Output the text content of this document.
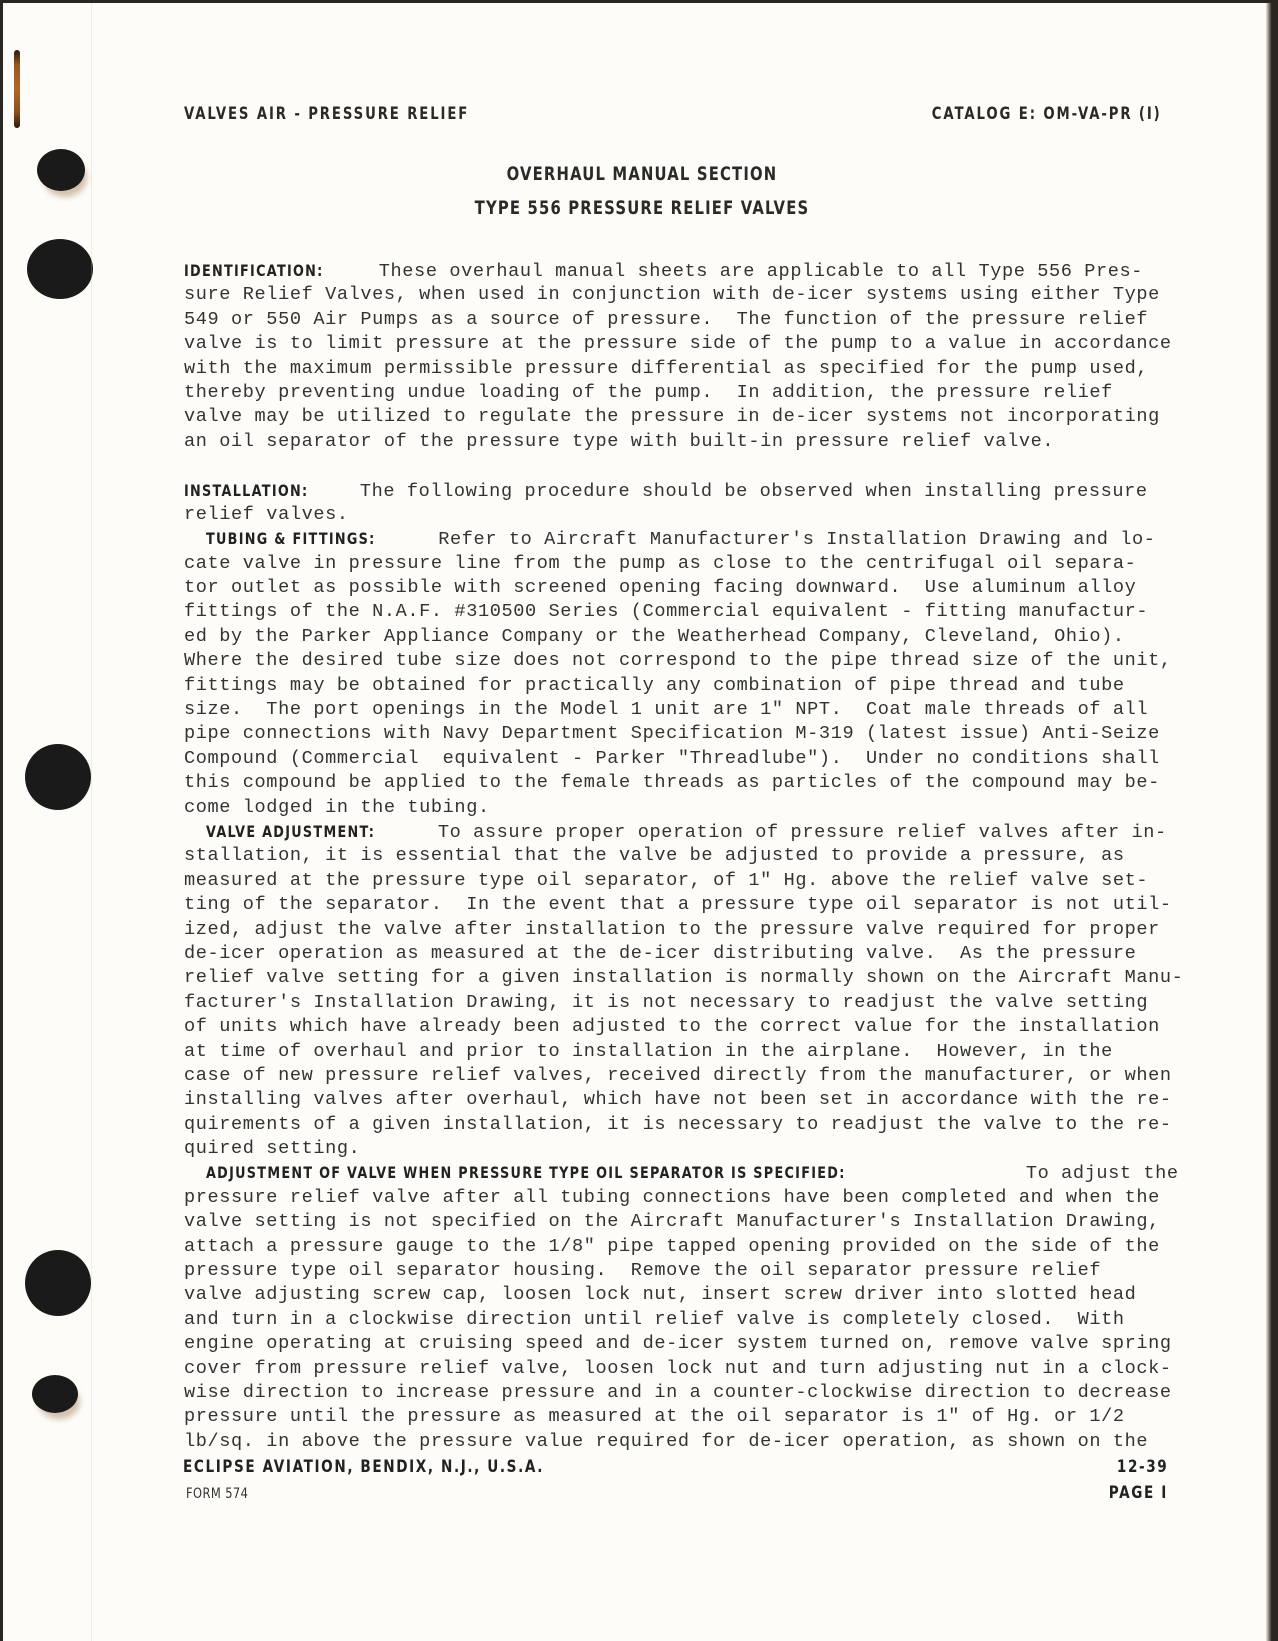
VALVES AIR - PRESSURE RELIEF	CATALOG E: OM-VA-PR (I)
OVERHAUL MANUAL SECTION
TYPE 556 PRESSURE RELIEF VALVES
IDENTIFICATION:  These overhaul manual sheets are applicable to all Type 556 Pres-
sure Relief Valves, when used in conjunction with de-icer systems using either Type
549 or 550 Air Pumps as a source of pressure.  The function of the pressure relief
valve is to limit pressure at the pressure side of the pump to a value in accordance
with the maximum permissible pressure differential as specified for the pump used,
thereby preventing undue loading of the pump.  In addition, the pressure relief
valve may be utilized to regulate the pressure in de-icer systems not incorporating
an oil separator of the pressure type with built-in pressure relief valve.
INSTALLATION:  The following procedure should be observed when installing pressure
relief valves.
TUBING & FITTINGS:  Refer to Aircraft Manufacturer's Installation Drawing and lo-
cate valve in pressure line from the pump as close to the centrifugal oil separa-
tor outlet as possible with screened opening facing downward.  Use aluminum alloy
fittings of the N.A.F. #310500 Series (Commercial equivalent - fitting manufactur-
ed by the Parker Appliance Company or the Weatherhead Company, Cleveland, Ohio).
Where the desired tube size does not correspond to the pipe thread size of the unit,
fittings may be obtained for practically any combination of pipe thread and tube
size.  The port openings in the Model 1 unit are 1" NPT.  Coat male threads of all
pipe connections with Navy Department Specification M-319 (latest issue) Anti-Seize
Compound (Commercial  equivalent - Parker "Threadlube").  Under no conditions shall
this compound be applied to the female threads as particles of the compound may be-
come lodged in the tubing.
VALVE ADJUSTMENT:  To assure proper operation of pressure relief valves after in-
stallation, it is essential that the valve be adjusted to provide a pressure, as
measured at the pressure type oil separator, of 1" Hg. above the relief valve set-
ting of the separator.  In the event that a pressure type oil separator is not util-
ized, adjust the valve after installation to the pressure valve required for proper
de-icer operation as measured at the de-icer distributing valve.  As the pressure
relief valve setting for a given installation is normally shown on the Aircraft Manu-
facturer's Installation Drawing, it is not necessary to readjust the valve setting
of units which have already been adjusted to the correct value for the installation
at time of overhaul and prior to installation in the airplane.  However, in the
case of new pressure relief valves, received directly from the manufacturer, or when
installing valves after overhaul, which have not been set in accordance with the re-
quirements of a given installation, it is necessary to readjust the valve to the re-
quired setting.
ADJUSTMENT OF VALVE WHEN PRESSURE TYPE OIL SEPARATOR IS SPECIFIED:	To adjust the
pressure relief valve after all tubing connections have been completed and when the
valve setting is not specified on the Aircraft Manufacturer's Installation Drawing,
attach a pressure gauge to the 1/8" pipe tapped opening provided on the side of the
pressure type oil separator housing.  Remove the oil separator pressure relief
valve adjusting screw cap, loosen lock nut, insert screw driver into slotted head
and turn in a clockwise direction until relief valve is completely closed.  With
engine operating at cruising speed and de-icer system turned on, remove valve spring
cover from pressure relief valve, loosen lock nut and turn adjusting nut in a clock-
wise direction to increase pressure and in a counter-clockwise direction to decrease
pressure until the pressure as measured at the oil separator is 1" of Hg. or 1/2
lb/sq. in above the pressure value required for de-icer operation, as shown on the
ECLIPSE AVIATION, BENDIX, N.J., U.S.A.	12-39
FORM 574	PAGE I
